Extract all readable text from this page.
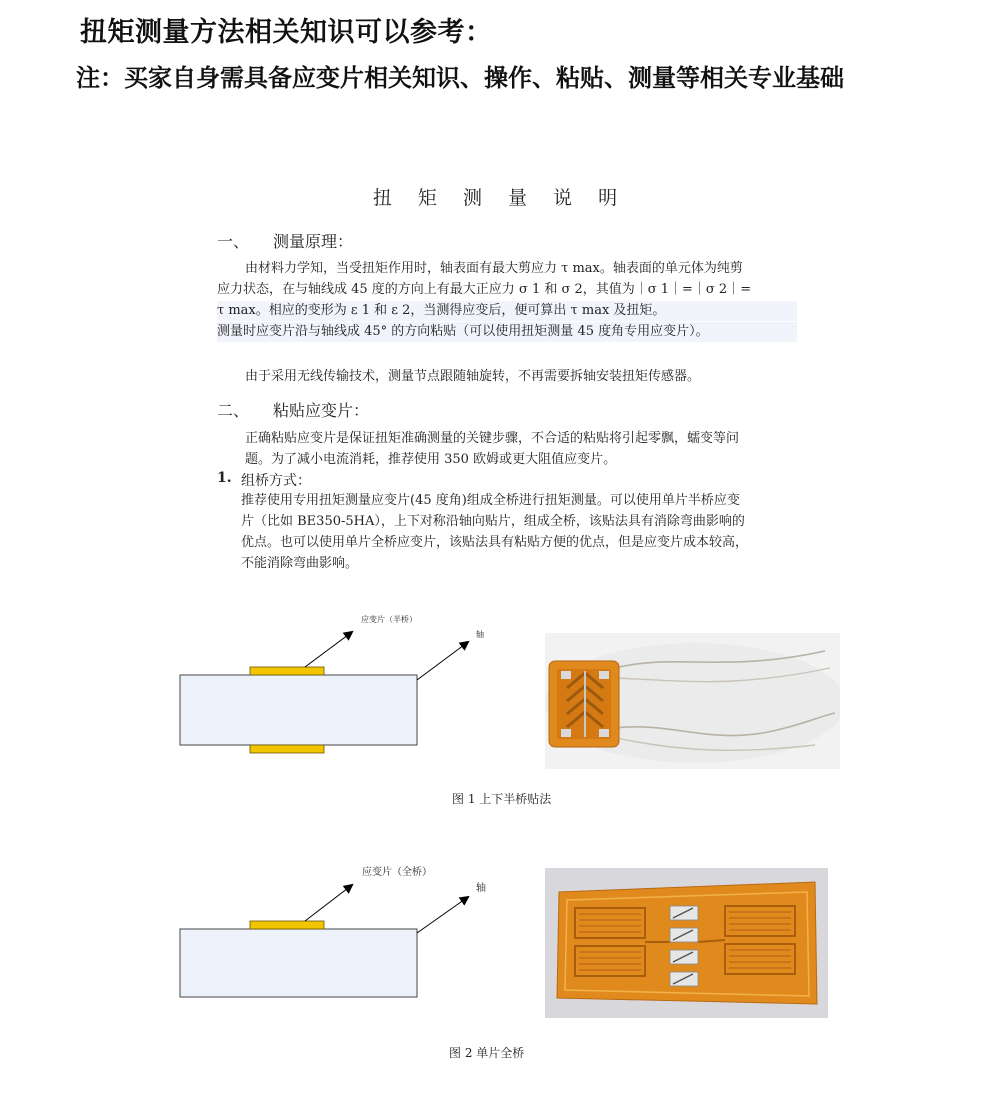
扭矩测量方法相关知识可以参考：
注：买家自身需具备应变片相关知识、操作、粘贴、测量等相关专业基础
扭 矩 测 量 说 明
一、 测量原理：
由材料力学知，当受扭矩作用时，轴表面有最大剪应力 τ max。轴表面的单元体为纯剪
应力状态，在与轴线成 45 度的方向上有最大正应力 σ 1 和 σ 2，其值为｜σ 1｜=｜σ 2｜=
τ max。相应的变形为 ε 1 和 ε 2，当测得应变后，便可算出 τ max 及扭矩。
测量时应变片沿与轴线成 45° 的方向粘贴（可以使用扭矩测量 45 度角专用应变片）。
由于采用无线传输技术，测量节点跟随轴旋转，不再需要拆轴安装扭矩传感器。
二、 粘贴应变片：
正确粘贴应变片是保证扭矩准确测量的关键步骤，不合适的粘贴将引起零飘，蠕变等问
题。为了减小电流消耗，推荐使用 350 欧姆或更大阻值应变片。
1. 组桥方式：
推荐使用专用扭矩测量应变片(45 度角)组成全桥进行扭矩测量。可以使用单片半桥应变
片（比如 BE350-5HA），上下对称沿轴向贴片，组成全桥，该贴法具有消除弯曲影响的
优点。也可以使用单片全桥应变片，该贴法具有粘贴方便的优点，但是应变片成本较高，
不能消除弯曲影响。
应变片（半桥）
轴
图 1 上下半桥贴法
应变片（全桥）
轴
图 2 单片全桥
